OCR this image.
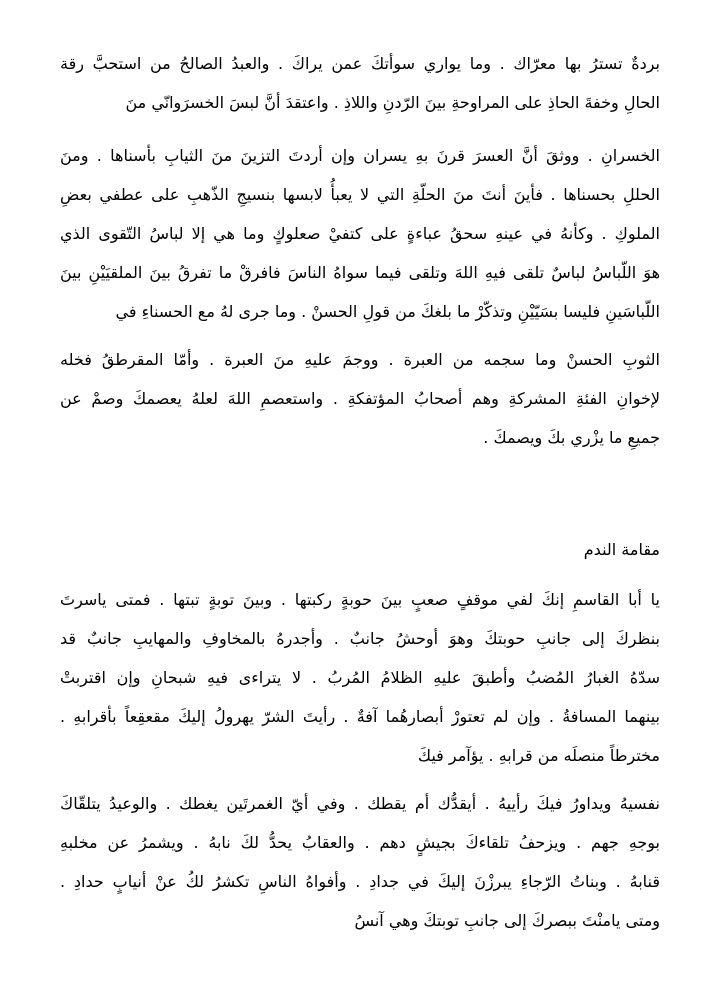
بردةٌ تسترُ بها معرّاك . وما يواري سوأتكَ عمن يراكَ . والعبدُ الصالحُ من استحبَّ رقة
الحالِ وخفةَ الحاذِ على المراوحةِ بينَ الرّدنِ واللاذِ . واعتقدَ أنَّ لبسَ الخسرَوانّي منَ
الخسرانِ . ووثقَ أنَّ العسرَ قرنَ بهِ يسران وإن أردتَ التزينَ منَ الثيابِ بأسناها . ومنَ
الحللِ بحسناها . فأينَ أنتَ منَ الحلّةِ التي لا يعبأُ لابسها بنسيجِ الذّهبِ على عطفي بعضِ
الملوكِ . وكأنهُ في عينهِ سحقُ عباءةٍ على كتفيْ صعلوكٍ وما هي إلا لباسُ التّقوى الذي
هوَ اللّباسُ لباسٌ تلقى فيهِ اللهَ وتلقى فيما سواهُ الناسَ فافرقْ ما تفرقُ بينَ الملقيَيْنِ بينَ
اللّباسَينِ فليسا بسَيّيْنِ وتذكّرْ ما بلغكَ من قولِ الحسنْ . وما جرى لهُ مع الحسناءِ في
الثوبِ الحسنْ وما سجمه من العبرة . ووجمَ عليهِ منَ العبرة . وأمّا المقرطقُ فخله
لإخوانِ الفئةِ المشركةِ وهم أصحابُ المؤتفكةِ . واستعصمِ اللهَ لعلهُ يعصمكَ وصمْ عن
جميعِ ما يزْري بكَ ويصمكَ .
مقامة الندم
يا أبا القاسمِ إنكَ لفي موقفٍ صعبٍ بينَ حوبةٍ ركبتها . وبينَ توبةٍ تبتها . فمتى ياسرتَ
بنظركَ إلى جانبِ حوبتكَ وهوَ أوحشُ جانبٌ . وأجدرهُ بالمخاوفِ والمهايبِ جانبٌ قد
سدّهُ الغبارُ المُضبُ وأطبقَ عليهِ الظلامُ المُربُ . لا يتراءى فيهِ شبحانِ وإن اقتربتْ
بينهما المسافةُ . وإن لم تعتورْ أبصارهُما آفةٌ . رأيتَ الشرّ يهرولُ إليكَ مقعقِعاً بأقرابهِ .
مخترطاً منصلَه من قرابهِ . يؤآمر فيكَ
نفسيهُ ويداورُ فيكَ رأييهُ . أيقدُّك أم يقطك . وفي أيّ الغمرتَين يغطك . والوعيدُ يتلقّاكَ
بوجهِ جهم . ويزحفُ تلقاءكَ بجيشٍ دهم . والعقابُ يحدُّ لكَ نابهُ . ويشمرُ عن مخلبهِ
قنابهُ . وبناتُ الرّجاءِ يبرزْنَ إليكَ في جدادِ . وأفواهُ الناسِ تكشرُ لكُ عنْ أنيابٍ حدادِ .
ومتى يامنْتَ ببصركَ إلى جانبِ توبتكَ وهي آنسُ
